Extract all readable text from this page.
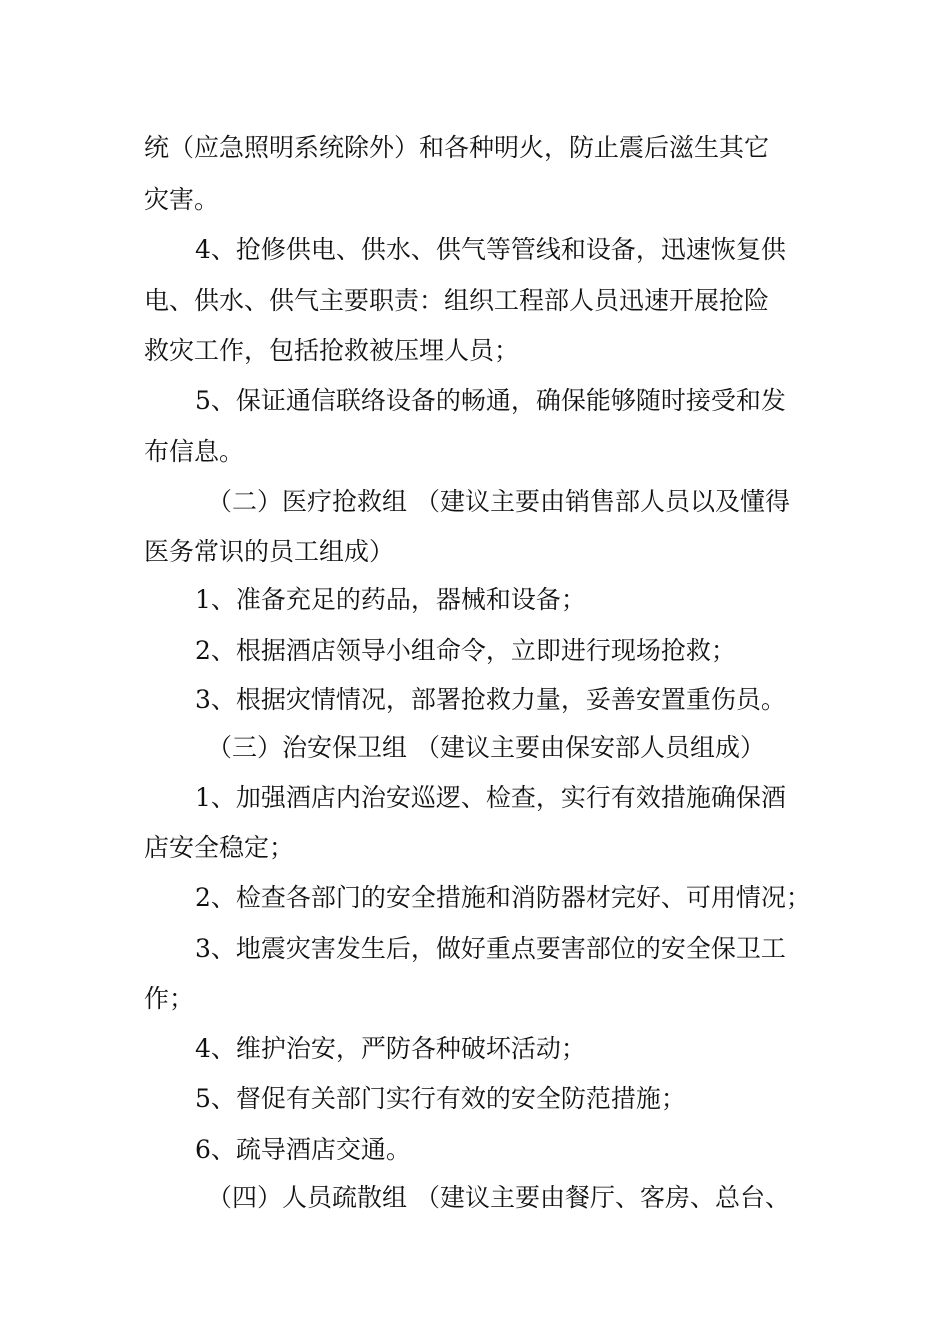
统（应急照明系统除外）和各种明火，防止震后滋生其它
灾害。
4、抢修供电、供水、供气等管线和设备，迅速恢复供
电、供水、供气主要职责：组织工程部人员迅速开展抢险
救灾工作，包括抢救被压埋人员；
5、保证通信联络设备的畅通，确保能够随时接受和发
布信息。
（二）医疗抢救组 （建议主要由销售部人员以及懂得
医务常识的员工组成）
1、准备充足的药品，器械和设备；
2、根据酒店领导小组命令，立即进行现场抢救；
3、根据灾情情况，部署抢救力量，妥善安置重伤员。
（三）治安保卫组 （建议主要由保安部人员组成）
1、加强酒店内治安巡逻、检查，实行有效措施确保酒
店安全稳定；
2、检查各部门的安全措施和消防器材完好、可用情况；
3、地震灾害发生后，做好重点要害部位的安全保卫工
作；
4、维护治安，严防各种破坏活动；
5、督促有关部门实行有效的安全防范措施；
6、疏导酒店交通。
（四）人员疏散组 （建议主要由餐厅、客房、总台、
